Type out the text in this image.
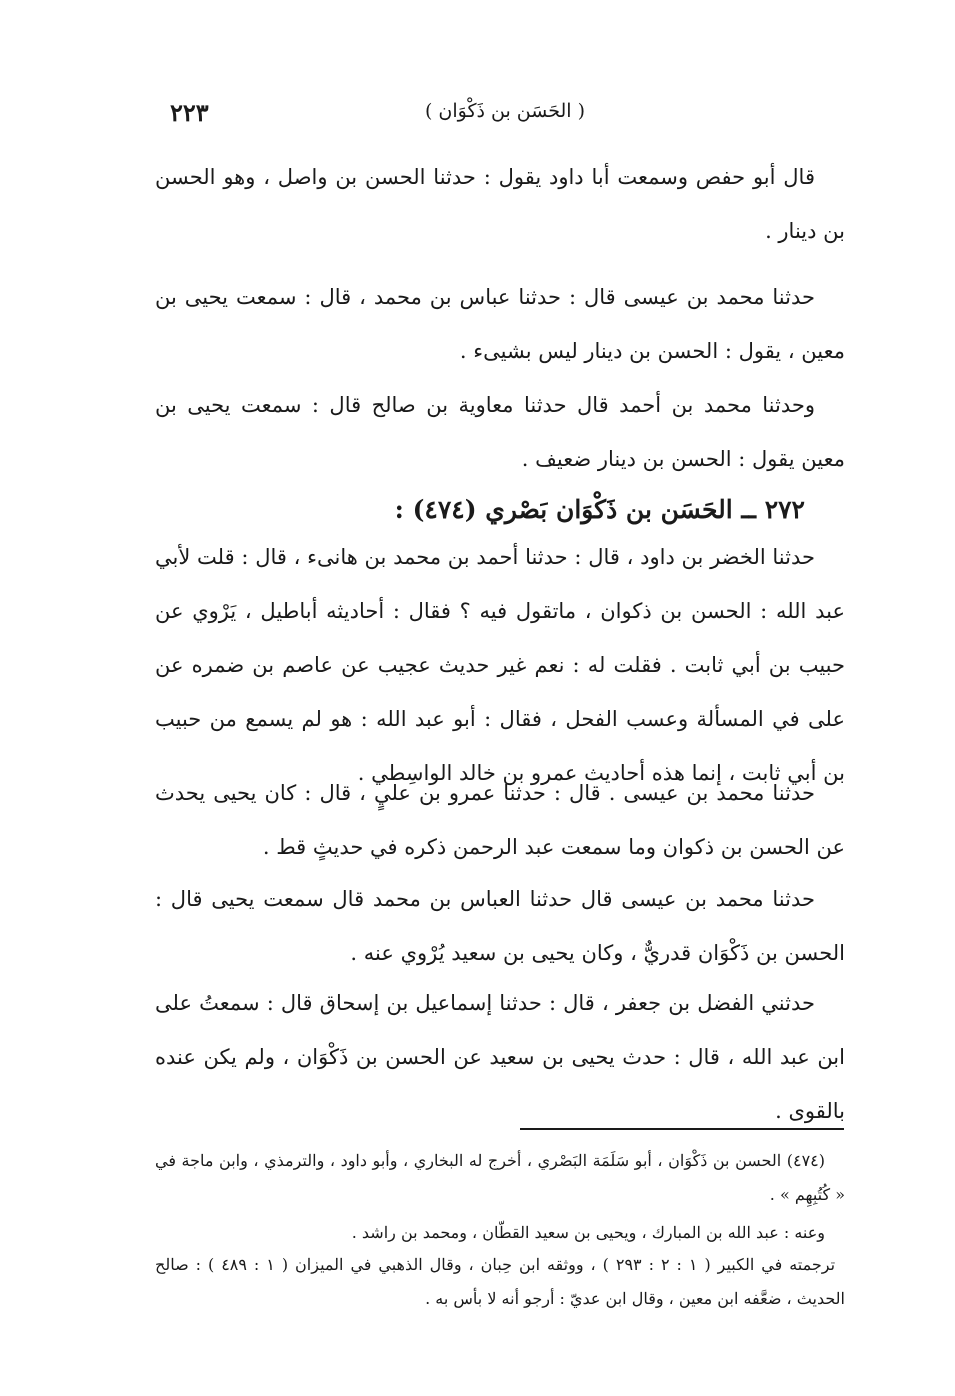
٢٢٣	( الحَسَن بن ذَكْوَان )

قال أبو حفص وسمعت أبا داود يقول : حدثنا الحسن بن واصل ، وهو الحسن بن دينار .

حدثنا محمد بن عيسى قال : حدثنا عباس بن محمد ، قال : سمعت يحيى بن معين ، يقول : الحسن بن دينار ليس بشيىء .

وحدثنا محمد بن أحمد قال حدثنا معاوية بن صالح قال : سمعت يحيى بن معين يقول : الحسن بن دينار ضعيف .

٢٧٢ ــ الحَسَن بن ذَكْوَان بَصْري (٤٧٤) :

حدثنا الخضر بن داود ، قال : حدثنا أحمد بن محمد بن هانىء ، قال : قلت لأبي عبد الله : الحسن بن ذكوان ، ماتقول فيه ؟ فقال : أحاديثه أباطيل ، يَرْوي عن حبيب بن أبي ثابت . فقلت له : نعم غير حديث عجيب عن عاصم بن ضمره عن على في المسألة وعسب الفحل ، فقال : أبو عبد الله : هو لم يسمع من حبيب بن أبي ثابت ، إنما هذه أحاديث عمرو بن خالد الواسِطي .

حدثنا محمد بن عيسى . قال : حدثنا عمرو بن عليٍ ، قال : كان يحيى يحدث عن الحسن بن ذكوان وما سمعت عبد الرحمن ذكره في حديثٍ قط .

حدثنا محمد بن عيسى قال حدثنا العباس بن محمد قال سمعت يحيى قال : الحسن بن ذَكْوَان قدريٌّ ، وكان يحيى بن سعيد يُرْوي عنه .

حدثني الفضل بن جعفر ، قال : حدثنا إسماعيل بن إسحاق قال : سمعتُ على ابن عبد الله ، قال : حدث يحيى بن سعيد عن الحسن بن ذَكْوَان ، ولم يكن عنده بالقوى .

(٤٧٤) الحسن بن ذَكْوَان ، أبو سَلَمَة البَصْري ، أخرج له البخاري ، وأبو داود ، والترمذي ، وابن ماجة في « كُتُبِهِم » .

وعنه : عبد الله بن المبارك ، ويحيى بن سعيد القطّان ، ومحمد بن راشد .

ترجمته في الكبير ( ١ : ٢ : ٢٩٣ ) ، ووثقه ابن حِبان ، وقال الذهبي في الميزان ( ١ : ٤٨٩ ) : صالح الحديث ، ضعَّفه ابن معين ، وقال ابن عديّ : أرجو أنه لا بأس به .
